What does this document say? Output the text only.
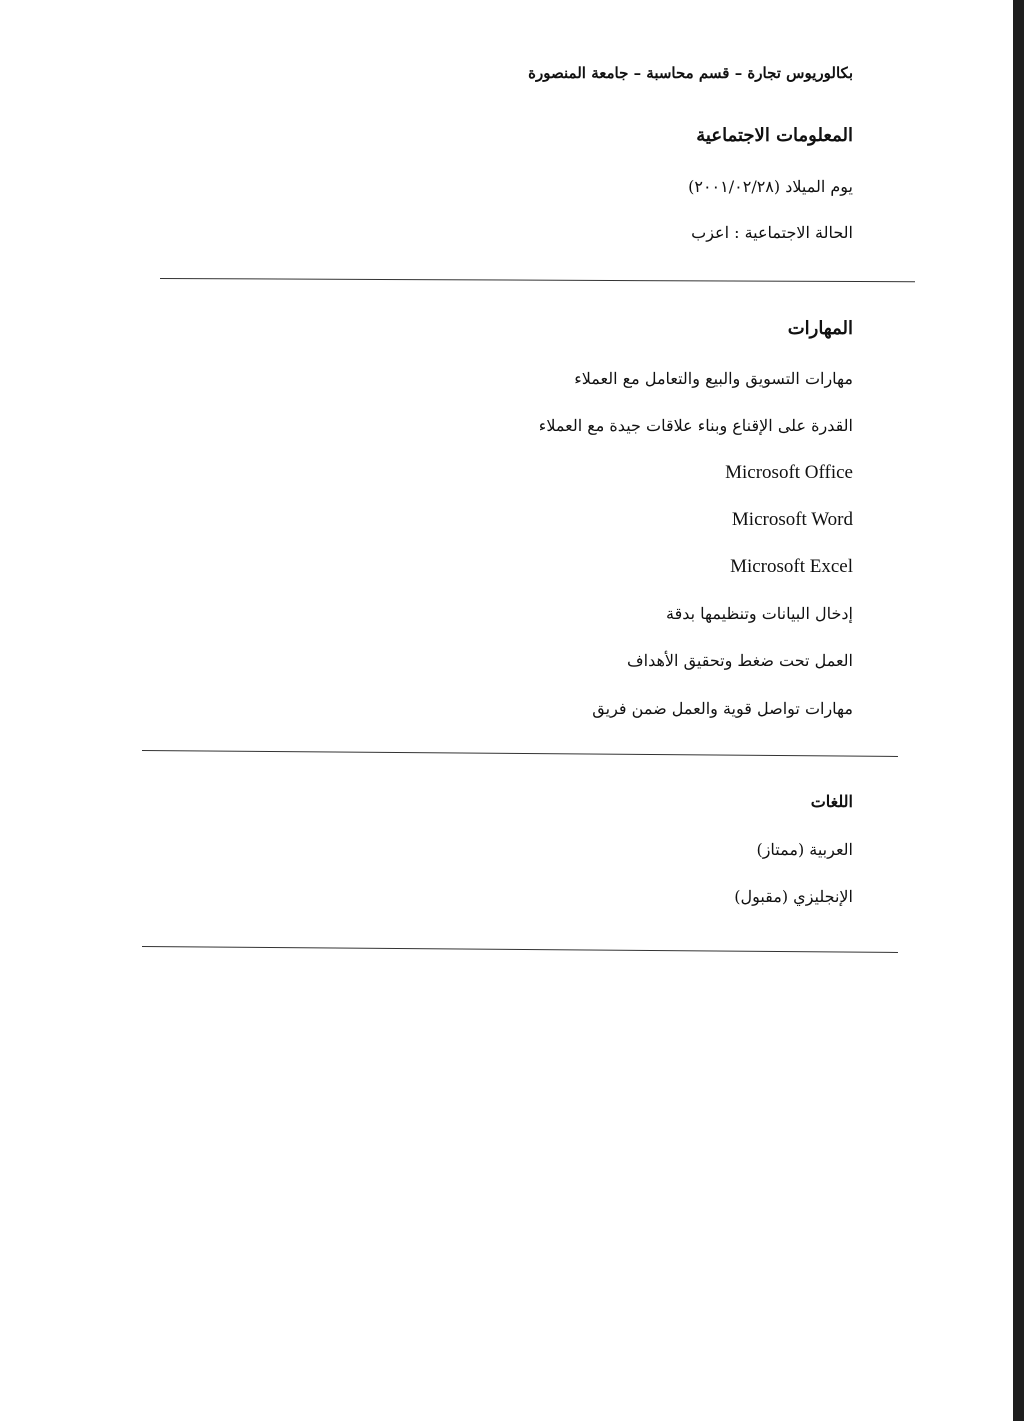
بكالوريوس تجارة – قسم محاسبة – جامعة المنصورة
المعلومات الاجتماعية
يوم الميلاد (٢٠٠١/٠٢/٢٨)
الحالة الاجتماعية : اعزب
المهارات
مهارات التسويق والبيع والتعامل مع العملاء
القدرة على الإقناع وبناء علاقات جيدة مع العملاء
Microsoft Office
Microsoft Word
Microsoft Excel
إدخال البيانات وتنظيمها بدقة
العمل تحت ضغط وتحقيق الأهداف
مهارات تواصل قوية والعمل ضمن فريق
اللغات
العربية (ممتاز)
الإنجليزي (مقبول)
